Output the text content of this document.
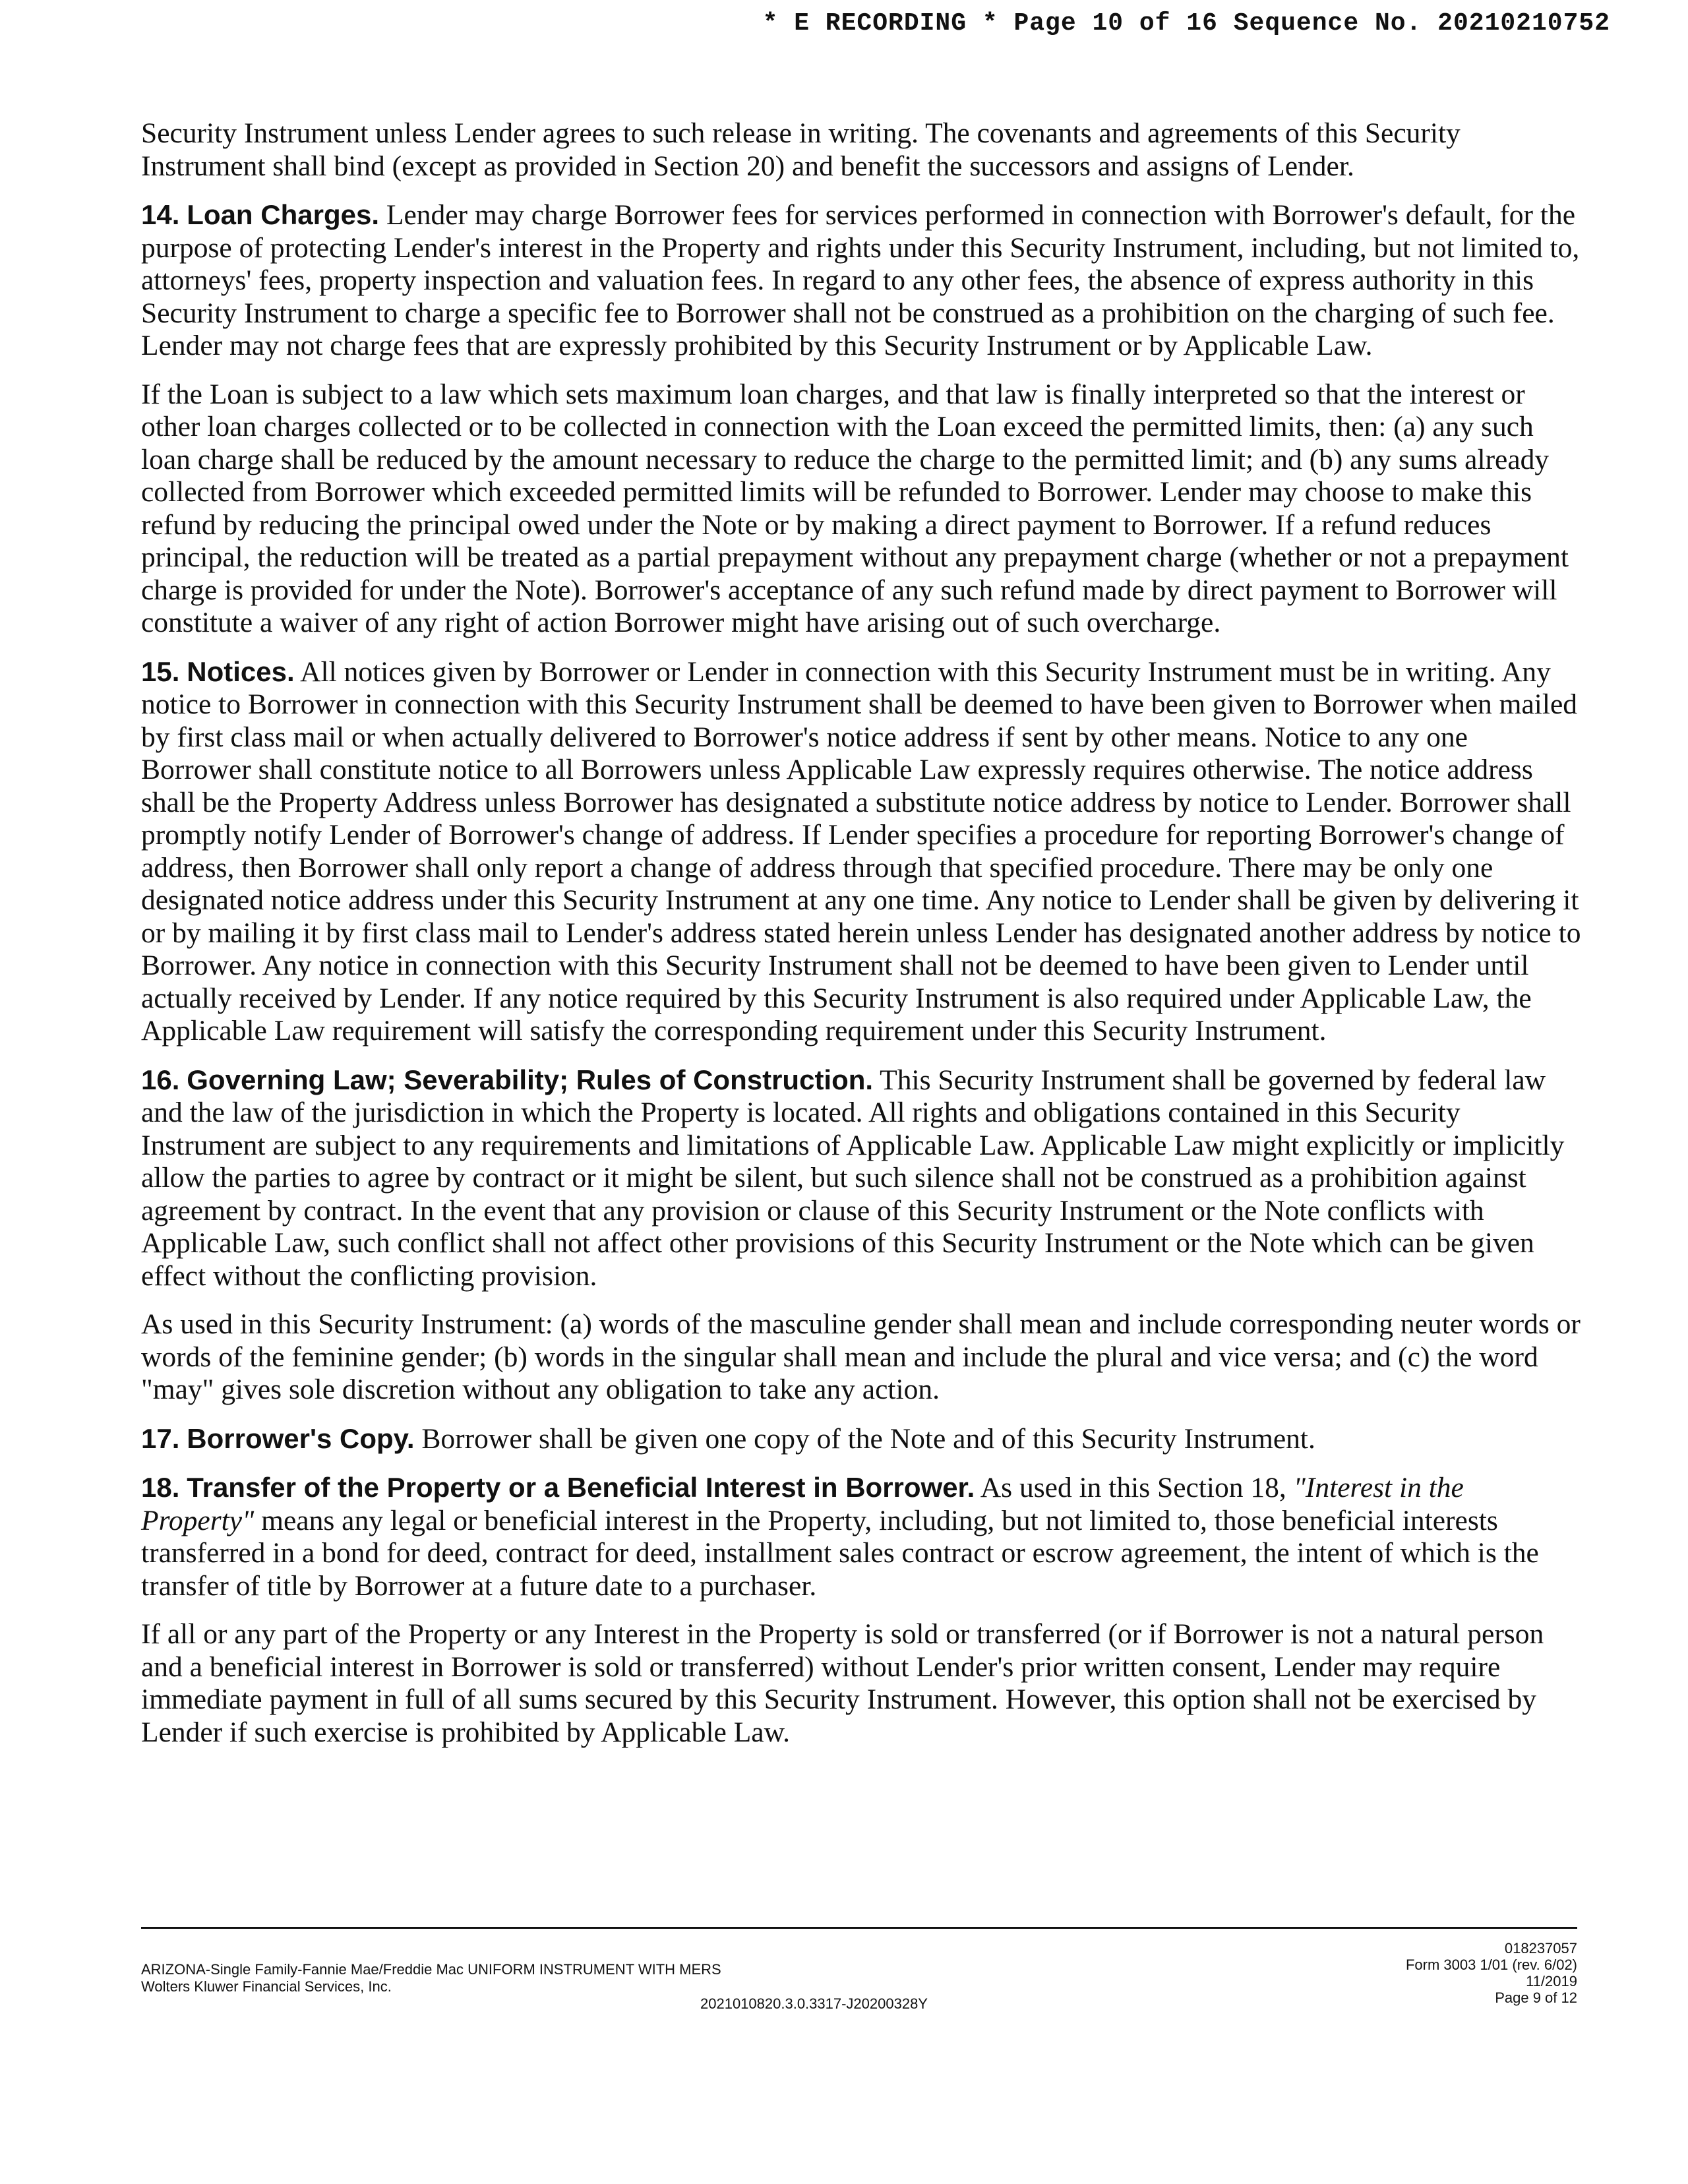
* E RECORDING * Page 10 of 16 Sequence No. 20210210752

Security Instrument unless Lender agrees to such release in writing. The covenants and agreements of this Security Instrument shall bind (except as provided in Section 20) and benefit the successors and assigns of Lender.

14. Loan Charges. Lender may charge Borrower fees for services performed in connection with Borrower's default, for the purpose of protecting Lender's interest in the Property and rights under this Security Instrument, including, but not limited to, attorneys' fees, property inspection and valuation fees. In regard to any other fees, the absence of express authority in this Security Instrument to charge a specific fee to Borrower shall not be construed as a prohibition on the charging of such fee. Lender may not charge fees that are expressly prohibited by this Security Instrument or by Applicable Law.

If the Loan is subject to a law which sets maximum loan charges, and that law is finally interpreted so that the interest or other loan charges collected or to be collected in connection with the Loan exceed the permitted limits, then: (a) any such loan charge shall be reduced by the amount necessary to reduce the charge to the permitted limit; and (b) any sums already collected from Borrower which exceeded permitted limits will be refunded to Borrower. Lender may choose to make this refund by reducing the principal owed under the Note or by making a direct payment to Borrower. If a refund reduces principal, the reduction will be treated as a partial prepayment without any prepayment charge (whether or not a prepayment charge is provided for under the Note). Borrower's acceptance of any such refund made by direct payment to Borrower will constitute a waiver of any right of action Borrower might have arising out of such overcharge.

15. Notices. All notices given by Borrower or Lender in connection with this Security Instrument must be in writing. Any notice to Borrower in connection with this Security Instrument shall be deemed to have been given to Borrower when mailed by first class mail or when actually delivered to Borrower's notice address if sent by other means. Notice to any one Borrower shall constitute notice to all Borrowers unless Applicable Law expressly requires otherwise. The notice address shall be the Property Address unless Borrower has designated a substitute notice address by notice to Lender. Borrower shall promptly notify Lender of Borrower's change of address. If Lender specifies a procedure for reporting Borrower's change of address, then Borrower shall only report a change of address through that specified procedure. There may be only one designated notice address under this Security Instrument at any one time. Any notice to Lender shall be given by delivering it or by mailing it by first class mail to Lender's address stated herein unless Lender has designated another address by notice to Borrower. Any notice in connection with this Security Instrument shall not be deemed to have been given to Lender until actually received by Lender. If any notice required by this Security Instrument is also required under Applicable Law, the Applicable Law requirement will satisfy the corresponding requirement under this Security Instrument.

16. Governing Law; Severability; Rules of Construction. This Security Instrument shall be governed by federal law and the law of the jurisdiction in which the Property is located. All rights and obligations contained in this Security Instrument are subject to any requirements and limitations of Applicable Law. Applicable Law might explicitly or implicitly allow the parties to agree by contract or it might be silent, but such silence shall not be construed as a prohibition against agreement by contract. In the event that any provision or clause of this Security Instrument or the Note conflicts with Applicable Law, such conflict shall not affect other provisions of this Security Instrument or the Note which can be given effect without the conflicting provision.

As used in this Security Instrument: (a) words of the masculine gender shall mean and include corresponding neuter words or words of the feminine gender; (b) words in the singular shall mean and include the plural and vice versa; and (c) the word "may" gives sole discretion without any obligation to take any action.

17. Borrower's Copy. Borrower shall be given one copy of the Note and of this Security Instrument.

18. Transfer of the Property or a Beneficial Interest in Borrower. As used in this Section 18, "Interest in the Property" means any legal or beneficial interest in the Property, including, but not limited to, those beneficial interests transferred in a bond for deed, contract for deed, installment sales contract or escrow agreement, the intent of which is the transfer of title by Borrower at a future date to a purchaser.

If all or any part of the Property or any Interest in the Property is sold or transferred (or if Borrower is not a natural person and a beneficial interest in Borrower is sold or transferred) without Lender's prior written consent, Lender may require immediate payment in full of all sums secured by this Security Instrument. However, this option shall not be exercised by Lender if such exercise is prohibited by Applicable Law.

ARIZONA-Single Family-Fannie Mae/Freddie Mac UNIFORM INSTRUMENT WITH MERS
Wolters Kluwer Financial Services, Inc.
2021010820.3.0.3317-J20200328Y
018237057
Form 3003 1/01 (rev. 6/02)
11/2019
Page 9 of 12
